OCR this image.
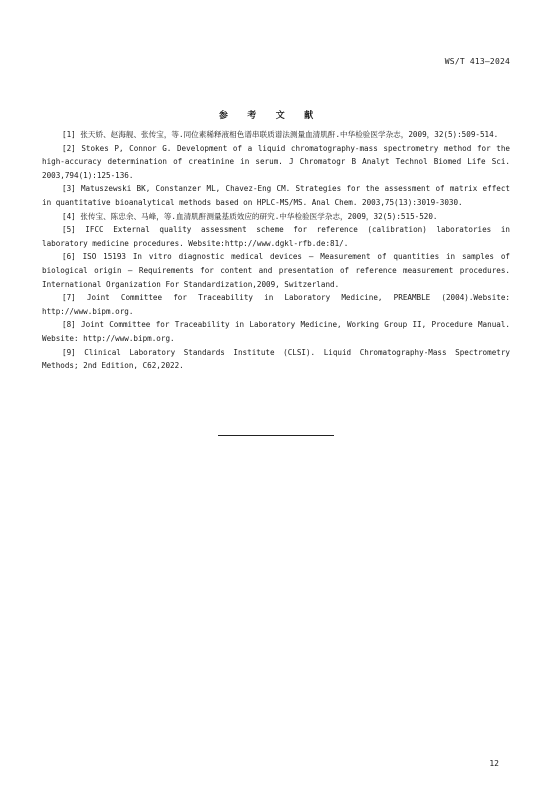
WS/T 413—2024
参 考 文 献

[1] 张天娇、赵海舰、张传宝，等.同位素稀释液相色谱串联质谱法测量血清肌酐.中华检验医学杂志，2009，32(5):509-514.

[2] Stokes P, Connor G. Development of a liquid chromatography-mass spectrometry method for the high-accuracy determination of creatinine in serum. J Chromatogr B Analyt Technol Biomed Life Sci. 2003,794(1):125-136.

[3] Matuszewski BK, Constanzer ML, Chavez-Eng CM. Strategies for the assessment of matrix effect in quantitative bioanalytical methods based on HPLC-MS/MS. Anal Chem. 2003,75(13):3019-3030.

[4] 张传宝、陈忠余、马峰，等.血清肌酐测量基质效应的研究.中华检验医学杂志，2009，32(5):515-520.

[5] IFCC External quality assessment scheme for reference (calibration) laboratories in laboratory medicine procedures. Website:http://www.dgkl-rfb.de:81/.

[6] ISO 15193 In vitro diagnostic medical devices — Measurement of quantities in samples of biological origin — Requirements for content and presentation of reference measurement procedures. International Organization For Standardization,2009, Switzerland.

[7] Joint Committee for Traceability in Laboratory Medicine, PREAMBLE (2004).Website: http://www.bipm.org.

[8] Joint Committee for Traceability in Laboratory Medicine, Working Group II, Procedure Manual. Website: http://www.bipm.org.

[9] Clinical Laboratory Standards Institute (CLSI). Liquid Chromatography-Mass Spectrometry Methods; 2nd Edition, C62,2022.

12
